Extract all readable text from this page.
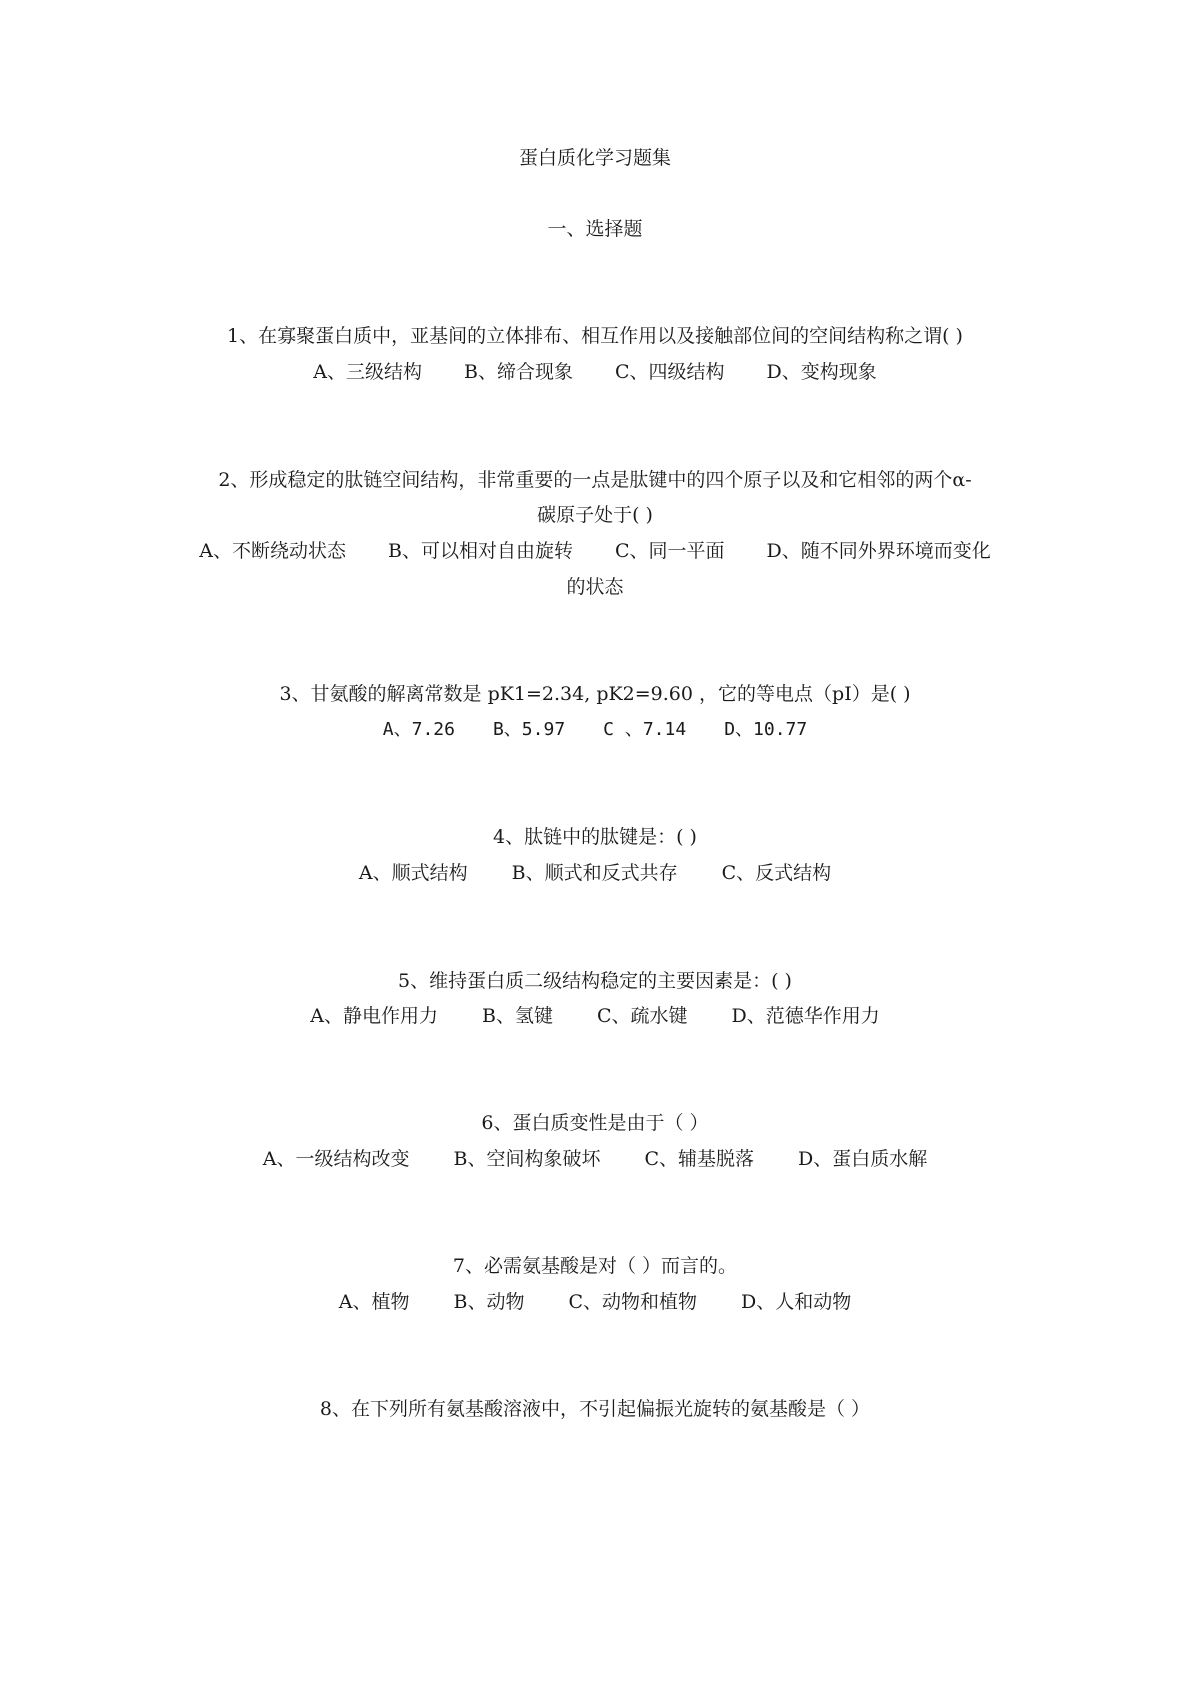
蛋白质化学习题集
一、选择题
1、在寡聚蛋白质中，亚基间的立体排布、相互作用以及接触部位间的空间结构称之谓( )
A、三级结构 B、缔合现象 C、四级结构 D、变构现象
2、形成稳定的肽链空间结构，非常重要的一点是肽键中的四个原子以及和它相邻的两个α-
碳原子处于( )
A、不断绕动状态 B、可以相对自由旋转 C、同一平面 D、随不同外界环境而变化
的状态
3、甘氨酸的解离常数是 pK1=2.34, pK2=9.60 ，它的等电点（pI）是( )
A、7.26 B、5.97 C 、7.14 D、10.77
4、肽链中的肽键是：( )
A、顺式结构 B、顺式和反式共存 C、反式结构
5、维持蛋白质二级结构稳定的主要因素是：( )
A、静电作用力 B、氢键 C、疏水键 D、范德华作用力
6、蛋白质变性是由于（ ）
A、一级结构改变 B、空间构象破坏 C、辅基脱落 D、蛋白质水解
7、必需氨基酸是对（ ）而言的。
A、植物 B、动物 C、动物和植物 D、人和动物
8、在下列所有氨基酸溶液中，不引起偏振光旋转的氨基酸是（ ）
